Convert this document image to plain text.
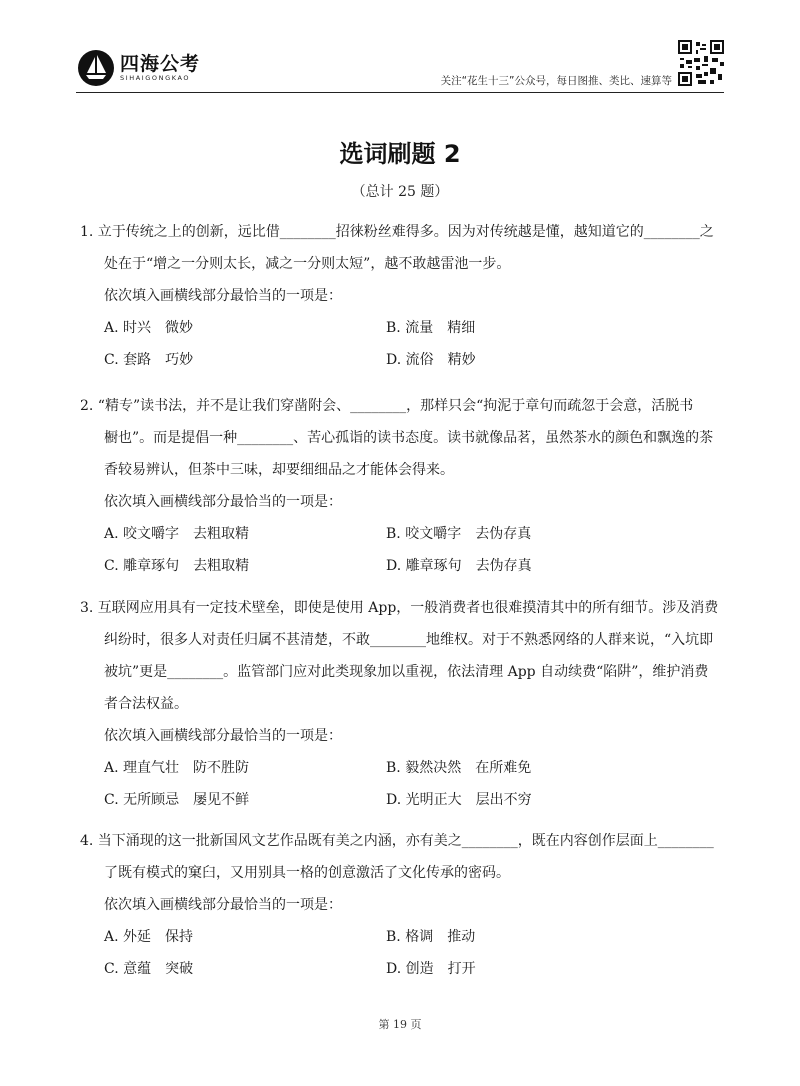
四海公考
SIHAIGONGKAO	关注“花生十三”公众号，每日图推、类比、速算等
选词刷题 2
（总计 25 题）
1. 立于传统之上的创新，远比借________招徕粉丝难得多。因为对传统越是懂，越知道它的________之
处在于“增之一分则太长，减之一分则太短”，越不敢越雷池一步。
依次填入画横线部分最恰当的一项是：
A. 时兴　微妙	B. 流量　精细
C. 套路　巧妙	D. 流俗　精妙
2. “精专”读书法，并不是让我们穿凿附会、________，那样只会“拘泥于章句而疏忽于会意，活脱书
橱也”。而是提倡一种________、苦心孤诣的读书态度。读书就像品茗，虽然茶水的颜色和飘逸的茶
香较易辨认，但茶中三味，却要细细品之才能体会得来。
依次填入画横线部分最恰当的一项是：
A. 咬文嚼字　去粗取精	B. 咬文嚼字　去伪存真
C. 雕章琢句　去粗取精	D. 雕章琢句　去伪存真
3. 互联网应用具有一定技术壁垒，即使是使用 App，一般消费者也很难摸清其中的所有细节。涉及消费
纠纷时，很多人对责任归属不甚清楚，不敢________地维权。对于不熟悉网络的人群来说，“入坑即
被坑”更是________。监管部门应对此类现象加以重视，依法清理 App 自动续费“陷阱”，维护消费
者合法权益。
依次填入画横线部分最恰当的一项是：
A. 理直气壮　防不胜防	B. 毅然决然　在所难免
C. 无所顾忌　屡见不鲜	D. 光明正大　层出不穷
4. 当下涌现的这一批新国风文艺作品既有美之内涵，亦有美之________，既在内容创作层面上________
了既有模式的窠臼，又用别具一格的创意激活了文化传承的密码。
依次填入画横线部分最恰当的一项是：
A. 外延　保持	B. 格调　推动
C. 意蕴　突破	D. 创造　打开
第 19 页
